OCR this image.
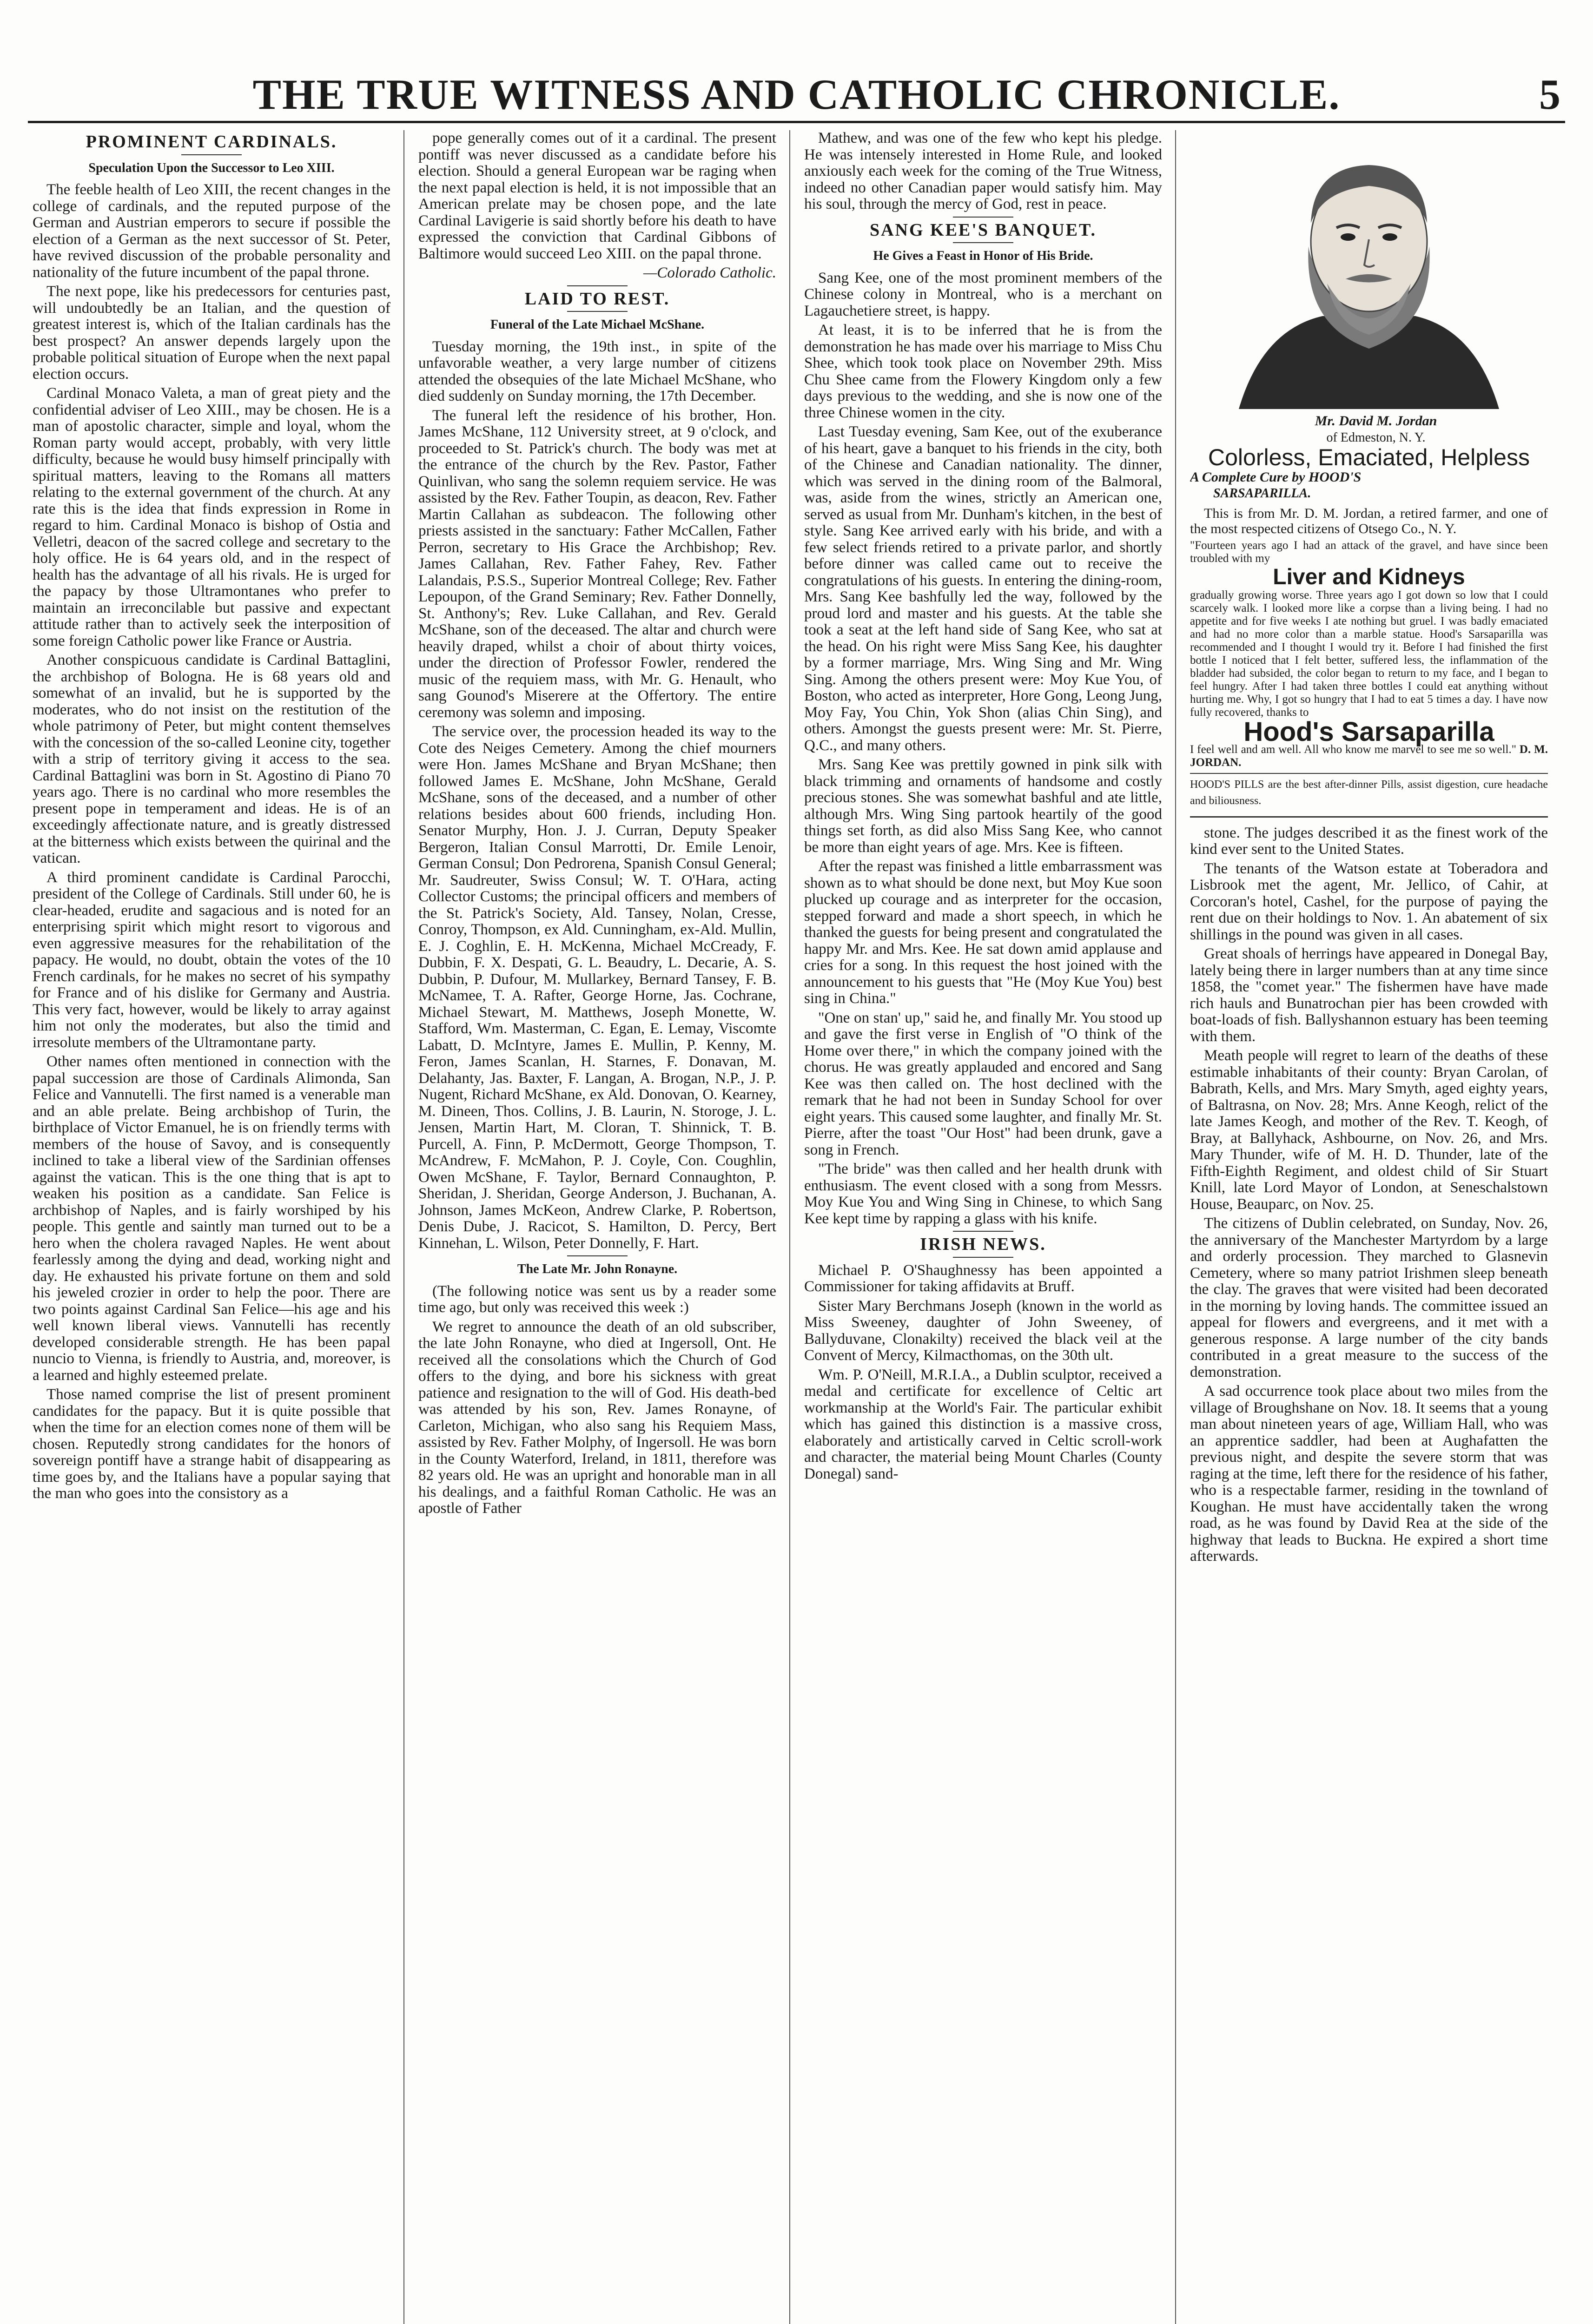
THE TRUE WITNESS AND CATHOLIC CHRONICLE.	5
PROMINENT CARDINALS.
Speculation Upon the Successor to Leo XIII.

The feeble health of Leo XIII, the recent changes in the college of cardinals, and the reputed purpose of the German and Austrian emperors to secure if possible the election of a German as the next successor of St. Peter, have revived discussion of the probable personality and nationality of the future incumbent of the papal throne.

The next pope, like his predecessors for centuries past, will undoubtedly be an Italian, and the question of greatest interest is, which of the Italian cardinals has the best prospect? An answer depends largely upon the probable political situation of Europe when the next papal election occurs.

Cardinal Monaco Valeta, a man of great piety and the confidential adviser of Leo XIII., may be chosen. He is a man of apostolic character, simple and loyal, whom the Roman party would accept, probably, with very little difficulty, because he would busy himself principally with spiritual matters, leaving to the Romans all matters relating to the external government of the church. At any rate this is the idea that finds expression in Rome in regard to him. Cardinal Monaco is bishop of Ostia and Velletri, deacon of the sacred college and secretary to the holy office. He is 64 years old, and in the respect of health has the advantage of all his rivals. He is urged for the papacy by those Ultramontanes who prefer to maintain an irreconcilable but passive and expectant attitude rather than to actively seek the interposition of some foreign Catholic power like France or Austria.

Another conspicuous candidate is Cardinal Battaglini, the archbishop of Bologna. He is 68 years old and somewhat of an invalid, but he is supported by the moderates, who do not insist on the restitution of the whole patrimony of Peter, but might content themselves with the concession of the so-called Leonine city, together with a strip of territory giving it access to the sea. Cardinal Battaglini was born in St. Agostino di Piano 70 years ago. There is no cardinal who more resembles the present pope in temperament and ideas. He is of an exceedingly affectionate nature, and is greatly distressed at the bitterness which exists between the quirinal and the vatican.

A third prominent candidate is Cardinal Parocchi, president of the College of Cardinals. Still under 60, he is clear-headed, erudite and sagacious and is noted for an enterprising spirit which might resort to vigorous and even aggressive measures for the rehabilitation of the papacy. He would, no doubt, obtain the votes of the 10 French cardinals, for he makes no secret of his sympathy for France and of his dislike for Germany and Austria. This very fact, however, would be likely to array against him not only the moderates, but also the timid and irresolute members of the Ultramontane party.

Other names often mentioned in connection with the papal succession are those of Cardinals Alimonda, San Felice and Vannutelli. The first named is a venerable man and an able prelate. Being archbishop of Turin, the birthplace of Victor Emanuel, he is on friendly terms with members of the house of Savoy, and is consequently inclined to take a liberal view of the Sardinian offenses against the vatican. This is the one thing that is apt to weaken his position as a candidate. San Felice is archbishop of Naples, and is fairly worshiped by his people. This gentle and saintly man turned out to be a hero when the cholera ravaged Naples. He went about fearlessly among the dying and dead, working night and day. He exhausted his private fortune on them and sold his jeweled crozier in order to help the poor. There are two points against Cardinal San Felice—his age and his well known liberal views. Vannutelli has recently developed considerable strength. He has been papal nuncio to Vienna, is friendly to Austria, and, moreover, is a learned and highly esteemed prelate.

Those named comprise the list of present prominent candidates for the papacy. But it is quite possible that when the time for an election comes none of them will be chosen. Reputedly strong candidates for the honors of sovereign pontiff have a strange habit of disappearing as time goes by, and the Italians have a popular saying that the man who goes into the consistory as a

pope generally comes out of it a cardinal. The present pontiff was never discussed as a candidate before his election. Should a general European war be raging when the next papal election is held, it is not impossible that an American prelate may be chosen pope, and the late Cardinal Lavigerie is said shortly before his death to have expressed the conviction that Cardinal Gibbons of Baltimore would succeed Leo XIII. on the papal throne.

—Colorado Catholic.

LAID TO REST.
Funeral of the Late Michael McShane.

Tuesday morning, the 19th inst., in spite of the unfavorable weather, a very large number of citizens attended the obsequies of the late Michael McShane, who died suddenly on Sunday morning, the 17th December.

The funeral left the residence of his brother, Hon. James McShane, 112 University street, at 9 o'clock, and proceeded to St. Patrick's church. The body was met at the entrance of the church by the Rev. Pastor, Father Quinlivan, who sang the solemn requiem service. He was assisted by the Rev. Father Toupin, as deacon, Rev. Father Martin Callahan as subdeacon. The following other priests assisted in the sanctuary: Father McCallen, Father Perron, secretary to His Grace the Archbishop; Rev. James Callahan, Rev. Father Fahey, Rev. Father Lalandais, P.S.S., Superior Montreal College; Rev. Father Lepoupon, of the Grand Seminary; Rev. Father Donnelly, St. Anthony's; Rev. Luke Callahan, and Rev. Gerald McShane, son of the deceased. The altar and church were heavily draped, whilst a choir of about thirty voices, under the direction of Professor Fowler, rendered the music of the requiem mass, with Mr. G. Henault, who sang Gounod's Miserere at the Offertory. The entire ceremony was solemn and imposing.

The service over, the procession headed its way to the Cote des Neiges Cemetery. Among the chief mourners were Hon. James McShane and Bryan McShane; then followed James E. McShane, John McShane, Gerald McShane, sons of the deceased, and a number of other relations besides about 600 friends, including Hon. Senator Murphy, Hon. J. J. Curran, Deputy Speaker Bergeron, Italian Consul Marrotti, Dr. Emile Lenoir, German Consul; Don Pedrorena, Spanish Consul General; Mr. Saudreuter, Swiss Consul; W. T. O'Hara, acting Collector Customs; the principal officers and members of the St. Patrick's Society, Ald. Tansey, Nolan, Cresse, Conroy, Thompson, ex Ald. Cunningham, ex-Ald. Mullin, E. J. Coghlin, E. H. McKenna, Michael McCready, F. Dubbin, F. X. Despati, G. L. Beaudry, L. Decarie, A. S. Dubbin, P. Dufour, M. Mullarkey, Bernard Tansey, F. B. McNamee, T. A. Rafter, George Horne, Jas. Cochrane, Michael Stewart, M. Matthews, Joseph Monette, W. Stafford, Wm. Masterman, C. Egan, E. Lemay, Viscomte Labatt, D. McIntyre, James E. Mullin, P. Kenny, M. Feron, James Scanlan, H. Starnes, F. Donavan, M. Delahanty, Jas. Baxter, F. Langan, A. Brogan, N.P., J. P. Nugent, Richard McShane, ex Ald. Donovan, O. Kearney, M. Dineen, Thos. Collins, J. B. Laurin, N. Storoge, J. L. Jensen, Martin Hart, M. Cloran, T. Shinnick, T. B. Purcell, A. Finn, P. McDermott, George Thompson, T. McAndrew, F. McMahon, P. J. Coyle, Con. Coughlin, Owen McShane, F. Taylor, Bernard Connaughton, P. Sheridan, J. Sheridan, George Anderson, J. Buchanan, A. Johnson, James McKeon, Andrew Clarke, P. Robertson, Denis Dube, J. Racicot, S. Hamilton, D. Percy, Bert Kinnehan, L. Wilson, Peter Donnelly, F. Hart.

The Late Mr. John Ronayne.

(The following notice was sent us by a reader some time ago, but only was received this week :)

We regret to announce the death of an old subscriber, the late John Ronayne, who died at Ingersoll, Ont. He received all the consolations which the Church of God offers to the dying, and bore his sickness with great patience and resignation to the will of God. His death-bed was attended by his son, Rev. James Ronayne, of Carleton, Michigan, who also sang his Requiem Mass, assisted by Rev. Father Molphy, of Ingersoll. He was born in the County Waterford, Ireland, in 1811, therefore was 82 years old. He was an upright and honorable man in all his dealings, and a faithful Roman Catholic. He was an apostle of Father

Mathew, and was one of the few who kept his pledge. He was intensely interested in Home Rule, and looked anxiously each week for the coming of the True Witness, indeed no other Canadian paper would satisfy him. May his soul, through the mercy of God, rest in peace.

SANG KEE'S BANQUET.
He Gives a Feast in Honor of His Bride.

Sang Kee, one of the most prominent members of the Chinese colony in Montreal, who is a merchant on Lagauchetiere street, is happy.

At least, it is to be inferred that he is from the demonstration he has made over his marriage to Miss Chu Shee, which took took place on November 29th. Miss Chu Shee came from the Flowery Kingdom only a few days previous to the wedding, and she is now one of the three Chinese women in the city.

Last Tuesday evening, Sam Kee, out of the exuberance of his heart, gave a banquet to his friends in the city, both of the Chinese and Canadian nationality. The dinner, which was served in the dining room of the Balmoral, was, aside from the wines, strictly an American one, served as usual from Mr. Dunham's kitchen, in the best of style. Sang Kee arrived early with his bride, and with a few select friends retired to a private parlor, and shortly before dinner was called came out to receive the congratulations of his guests. In entering the dining-room, Mrs. Sang Kee bashfully led the way, followed by the proud lord and master and his guests. At the table she took a seat at the left hand side of Sang Kee, who sat at the head. On his right were Miss Sang Kee, his daughter by a former marriage, Mrs. Wing Sing and Mr. Wing Sing. Among the others present were: Moy Kue You, of Boston, who acted as interpreter, Hore Gong, Leong Jung, Moy Fay, You Chin, Yok Shon (alias Chin Sing), and others. Amongst the guests present were: Mr. St. Pierre, Q.C., and many others.

Mrs. Sang Kee was prettily gowned in pink silk with black trimming and ornaments of handsome and costly precious stones. She was somewhat bashful and ate little, although Mrs. Wing Sing partook heartily of the good things set forth, as did also Miss Sang Kee, who cannot be more than eight years of age. Mrs. Kee is fifteen.

After the repast was finished a little embarrassment was shown as to what should be done next, but Moy Kue soon plucked up courage and as interpreter for the occasion, stepped forward and made a short speech, in which he thanked the guests for being present and congratulated the happy Mr. and Mrs. Kee. He sat down amid applause and cries for a song. In this request the host joined with the announcement to his guests that "He (Moy Kue You) best sing in China."

"One on stan' up," said he, and finally Mr. You stood up and gave the first verse in English of "O think of the Home over there," in which the company joined with the chorus. He was greatly applauded and encored and Sang Kee was then called on. The host declined with the remark that he had not been in Sunday School for over eight years. This caused some laughter, and finally Mr. St. Pierre, after the toast "Our Host" had been drunk, gave a song in French.

"The bride" was then called and her health drunk with enthusiasm. The event closed with a song from Messrs. Moy Kue You and Wing Sing in Chinese, to which Sang Kee kept time by rapping a glass with his knife.

IRISH NEWS.

Michael P. O'Shaughnessy has been appointed a Commissioner for taking affidavits at Bruff.

Sister Mary Berchmans Joseph (known in the world as Miss Sweeney, daughter of John Sweeney, of Ballyduvane, Clonakilty) received the black veil at the Convent of Mercy, Kilmacthomas, on the 30th ult.

Wm. P. O'Neill, M.R.I.A., a Dublin sculptor, received a medal and certificate for excellence of Celtic art workmanship at the World's Fair. The particular exhibit which has gained this distinction is a massive cross, elaborately and artistically carved in Celtic scroll-work and character, the material being Mount Charles (County Donegal) sand-

Mr. David M. Jordan

of Edmeston, N. Y.

Colorless, Emaciated, Helpless
A Complete Cure by HOOD'S
SARSAPARILLA.

This is from Mr. D. M. Jordan, a retired farmer, and one of the most respected citizens of Otsego Co., N. Y.

"Fourteen years ago I had an attack of the gravel, and have since been troubled with my
Liver and Kidneys
gradually growing worse. Three years ago I got down so low that I could scarcely walk. I looked more like a corpse than a living being. I had no appetite and for five weeks I ate nothing but gruel. I was badly emaciated and had no more color than a marble statue. Hood's Sarsaparilla was recommended and I thought I would try it. Before I had finished the first bottle I noticed that I felt better, suffered less, the inflammation of the bladder had subsided, the color began to return to my face, and I began to feel hungry. After I had taken three bottles I could eat anything without hurting me. Why, I got so hungry that I had to eat 5 times a day. I have now fully recovered, thanks to
Hood's Sarsaparilla
I feel well and am well. All who know me marvel to see me so well." D. M. JORDAN.
HOOD'S PILLS are the best after-dinner Pills, assist digestion, cure headache and biliousness.

stone. The judges described it as the finest work of the kind ever sent to the United States.

The tenants of the Watson estate at Toberadora and Lisbrook met the agent, Mr. Jellico, of Cahir, at Corcoran's hotel, Cashel, for the purpose of paying the rent due on their holdings to Nov. 1. An abatement of six shillings in the pound was given in all cases.

Great shoals of herrings have appeared in Donegal Bay, lately being there in larger numbers than at any time since 1858, the "comet year." The fishermen have have made rich hauls and Bunatrochan pier has been crowded with boat-loads of fish. Ballyshannon estuary has been teeming with them.

Meath people will regret to learn of the deaths of these estimable inhabitants of their county: Bryan Carolan, of Babrath, Kells, and Mrs. Mary Smyth, aged eighty years, of Baltrasna, on Nov. 28; Mrs. Anne Keogh, relict of the late James Keogh, and mother of the Rev. T. Keogh, of Bray, at Ballyhack, Ashbourne, on Nov. 26, and Mrs. Mary Thunder, wife of M. H. D. Thunder, late of the Fifth-Eighth Regiment, and oldest child of Sir Stuart Knill, late Lord Mayor of London, at Seneschalstown House, Beauparc, on Nov. 25.

The citizens of Dublin celebrated, on Sunday, Nov. 26, the anniversary of the Manchester Martyrdom by a large and orderly procession. They marched to Glasnevin Cemetery, where so many patriot Irishmen sleep beneath the clay. The graves that were visited had been decorated in the morning by loving hands. The committee issued an appeal for flowers and evergreens, and it met with a generous response. A large number of the city bands contributed in a great measure to the success of the demonstration.

A sad occurrence took place about two miles from the village of Broughshane on Nov. 18. It seems that a young man about nineteen years of age, William Hall, who was an apprentice saddler, had been at Aughafatten the previous night, and despite the severe storm that was raging at the time, left there for the residence of his father, who is a respectable farmer, residing in the townland of Koughan. He must have accidentally taken the wrong road, as he was found by David Rea at the side of the highway that leads to Buckna. He expired a short time afterwards.
